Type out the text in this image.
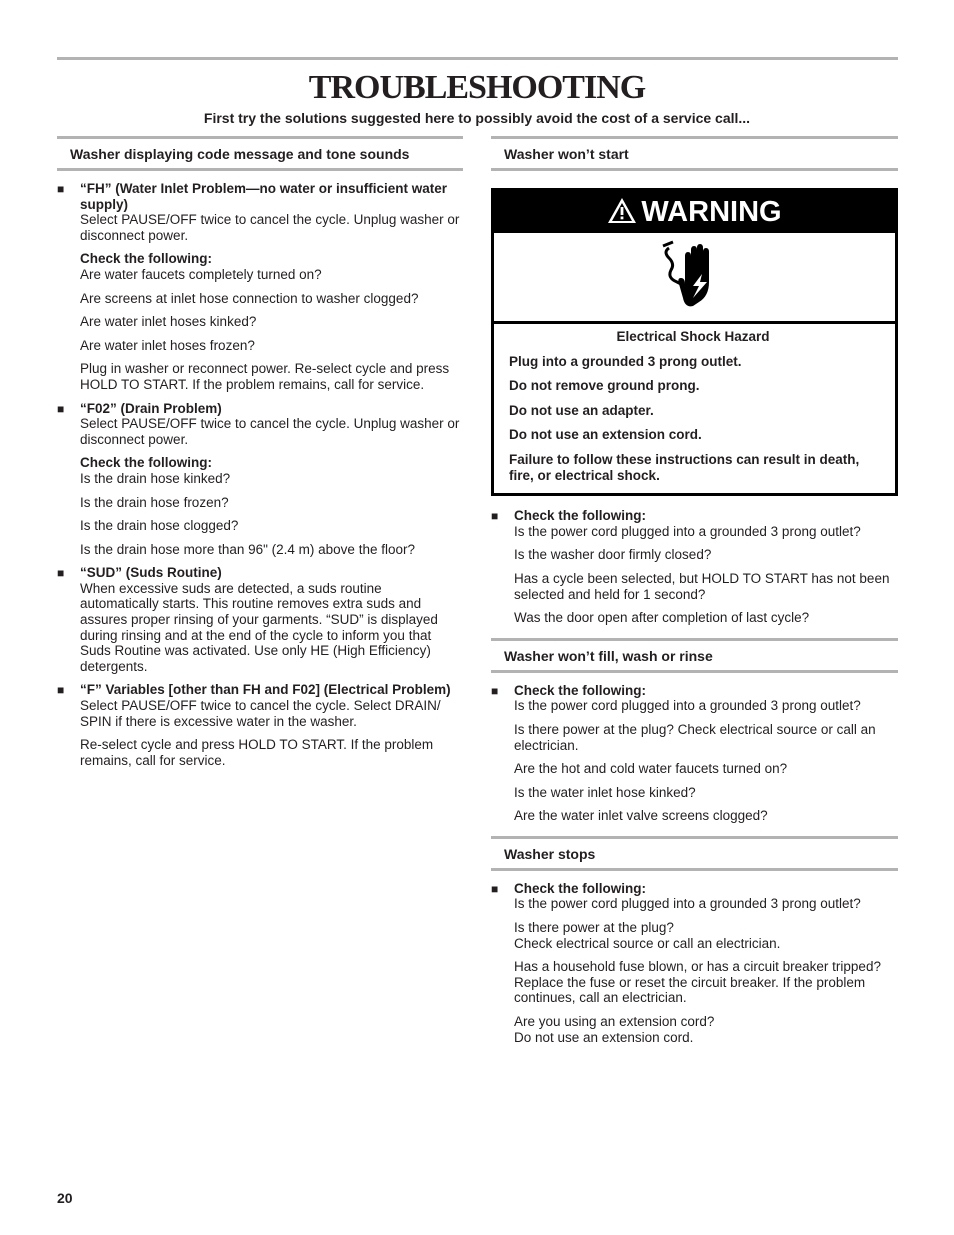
TROUBLESHOOTING
First try the solutions suggested here to possibly avoid the cost of a service call...
Washer displaying code message and tone sounds
■ “FH” (Water Inlet Problem—no water or insufficient water supply)

Select PAUSE/OFF twice to cancel the cycle. Unplug washer or disconnect power.

Check the following:

Are water faucets completely turned on?

Are screens at inlet hose connection to washer clogged?

Are water inlet hoses kinked?

Are water inlet hoses frozen?

Plug in washer or reconnect power. Re-select cycle and press HOLD TO START. If the problem remains, call for service.

■ “F02” (Drain Problem)

Select PAUSE/OFF twice to cancel the cycle. Unplug washer or disconnect power.

Check the following:

Is the drain hose kinked?

Is the drain hose frozen?

Is the drain hose clogged?

Is the drain hose more than 96" (2.4 m) above the floor?

■ “SUD” (Suds Routine)

When excessive suds are detected, a suds routine automatically starts. This routine removes extra suds and assures proper rinsing of your garments. “SUD” is displayed during rinsing and at the end of the cycle to inform you that Suds Routine was activated. Use only HE (High Efficiency) detergents.

■ “F” Variables [other than FH and F02] (Electrical Problem)

Select PAUSE/OFF twice to cancel the cycle. Select DRAIN/ SPIN if there is excessive water in the washer.

Re-select cycle and press HOLD TO START. If the problem remains, call for service.

Washer won’t start
WARNING

Electrical Shock Hazard

Plug into a grounded 3 prong outlet.

Do not remove ground prong.

Do not use an adapter.

Do not use an extension cord.

Failure to follow these instructions can result in death, fire, or electrical shock.

■ Check the following:

Is the power cord plugged into a grounded 3 prong outlet?

Is the washer door firmly closed?

Has a cycle been selected, but HOLD TO START has not been selected and held for 1 second?

Was the door open after completion of last cycle?

Washer won’t fill, wash or rinse
■ Check the following:

Is the power cord plugged into a grounded 3 prong outlet?

Is there power at the plug? Check electrical source or call an electrician.

Are the hot and cold water faucets turned on?

Is the water inlet hose kinked?

Are the water inlet valve screens clogged?

Washer stops
■ Check the following:

Is the power cord plugged into a grounded 3 prong outlet?

Is there power at the plug?

Check electrical source or call an electrician.

Has a household fuse blown, or has a circuit breaker tripped? Replace the fuse or reset the circuit breaker. If the problem continues, call an electrician.

Are you using an extension cord?

Do not use an extension cord.

20
